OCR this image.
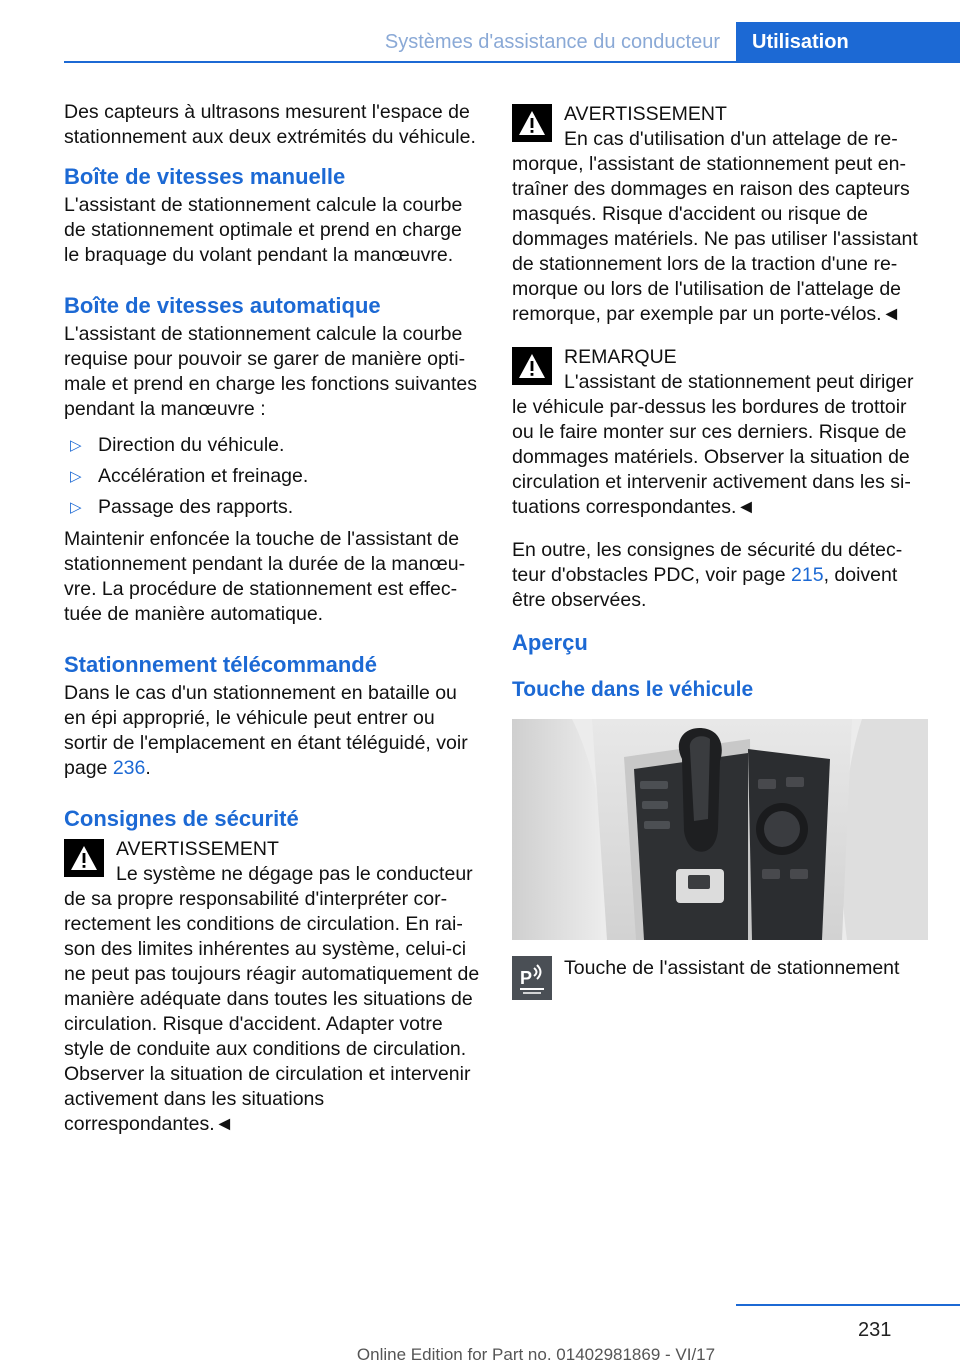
Systèmes d'assistance du conducteur	Utilisation

Des capteurs à ultrasons mesurent l'espace de stationnement aux deux extrémités du véhicule.

Boîte de vitesses manuelle

L'assistant de stationnement calcule la courbe de stationnement optimale et prend en charge le braquage du volant pendant la manœuvre.

Boîte de vitesses automatique

L'assistant de stationnement calcule la courbe requise pour pouvoir se garer de manière optimale et prend en charge les fonctions suivantes pendant la manœuvre :

▷ Direction du véhicule.
▷ Accélération et freinage.
▷ Passage des rapports.

Maintenir enfoncée la touche de l'assistant de stationnement pendant la durée de la manœuvre. La procédure de stationnement est effectuée de manière automatique.

Stationnement télécommandé

Dans le cas d'un stationnement en bataille ou en épi approprié, le véhicule peut entrer ou sortir de l'emplacement en étant téléguidé, voir page 236.

Consignes de sécurité
AVERTISSEMENT
Le système ne dégage pas le conducteur de sa propre responsabilité d'interpréter correctement les conditions de circulation. En raison des limites inhérentes au système, celui-ci ne peut pas toujours réagir automatiquement de manière adéquate dans toutes les situations de circulation. Risque d'accident. Adapter votre style de conduite aux conditions de circulation. Observer la situation de circulation et intervenir activement dans les situations correspondantes.◄
AVERTISSEMENT
En cas d'utilisation d'un attelage de remorque, l'assistant de stationnement peut entraîner des dommages en raison des capteurs masqués. Risque d'accident ou risque de dommages matériels. Ne pas utiliser l'assistant de stationnement lors de la traction d'une remorque ou lors de l'utilisation de l'attelage de remorque, par exemple par un porte-vélos.◄
REMARQUE
L'assistant de stationnement peut diriger le véhicule par-dessus les bordures de trottoir ou le faire monter sur ces derniers. Risque de dommages matériels. Observer la situation de circulation et intervenir activement dans les situations correspondantes.◄

En outre, les consignes de sécurité du détecteur d'obstacles PDC, voir page 215, doivent être observées.

Aperçu
Touche dans le véhicule
P Touche de l'assistant de stationnement
231
Online Edition for Part no. 01402981869 - VI/17
